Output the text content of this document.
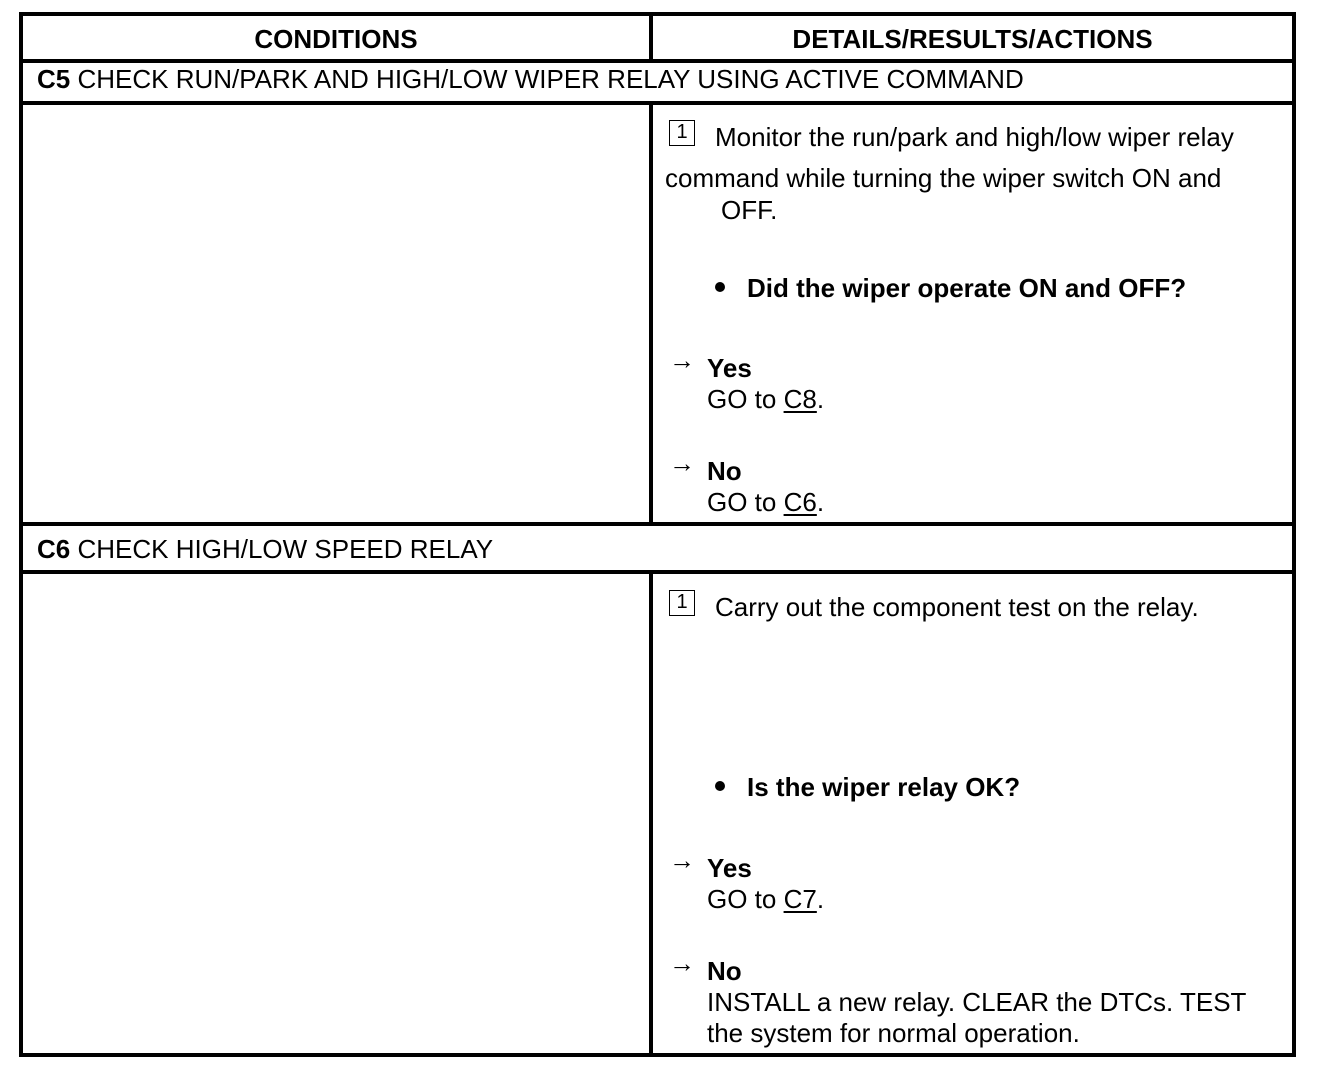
CONDITIONS	DETAILS/RESULTS/ACTIONS
C5 CHECK RUN/PARK AND HIGH/LOW WIPER RELAY USING ACTIVE COMMAND
1 Monitor the run/park and high/low wiper relay
command while turning the wiper switch ON and
OFF.
Did the wiper operate ON and OFF?
→ Yes
GO to C8.
→ No
GO to C6.
C6 CHECK HIGH/LOW SPEED RELAY
1 Carry out the component test on the relay.
Is the wiper relay OK?
→ Yes
GO to C7.
→ No
INSTALL a new relay. CLEAR the DTCs. TEST
the system for normal operation.
